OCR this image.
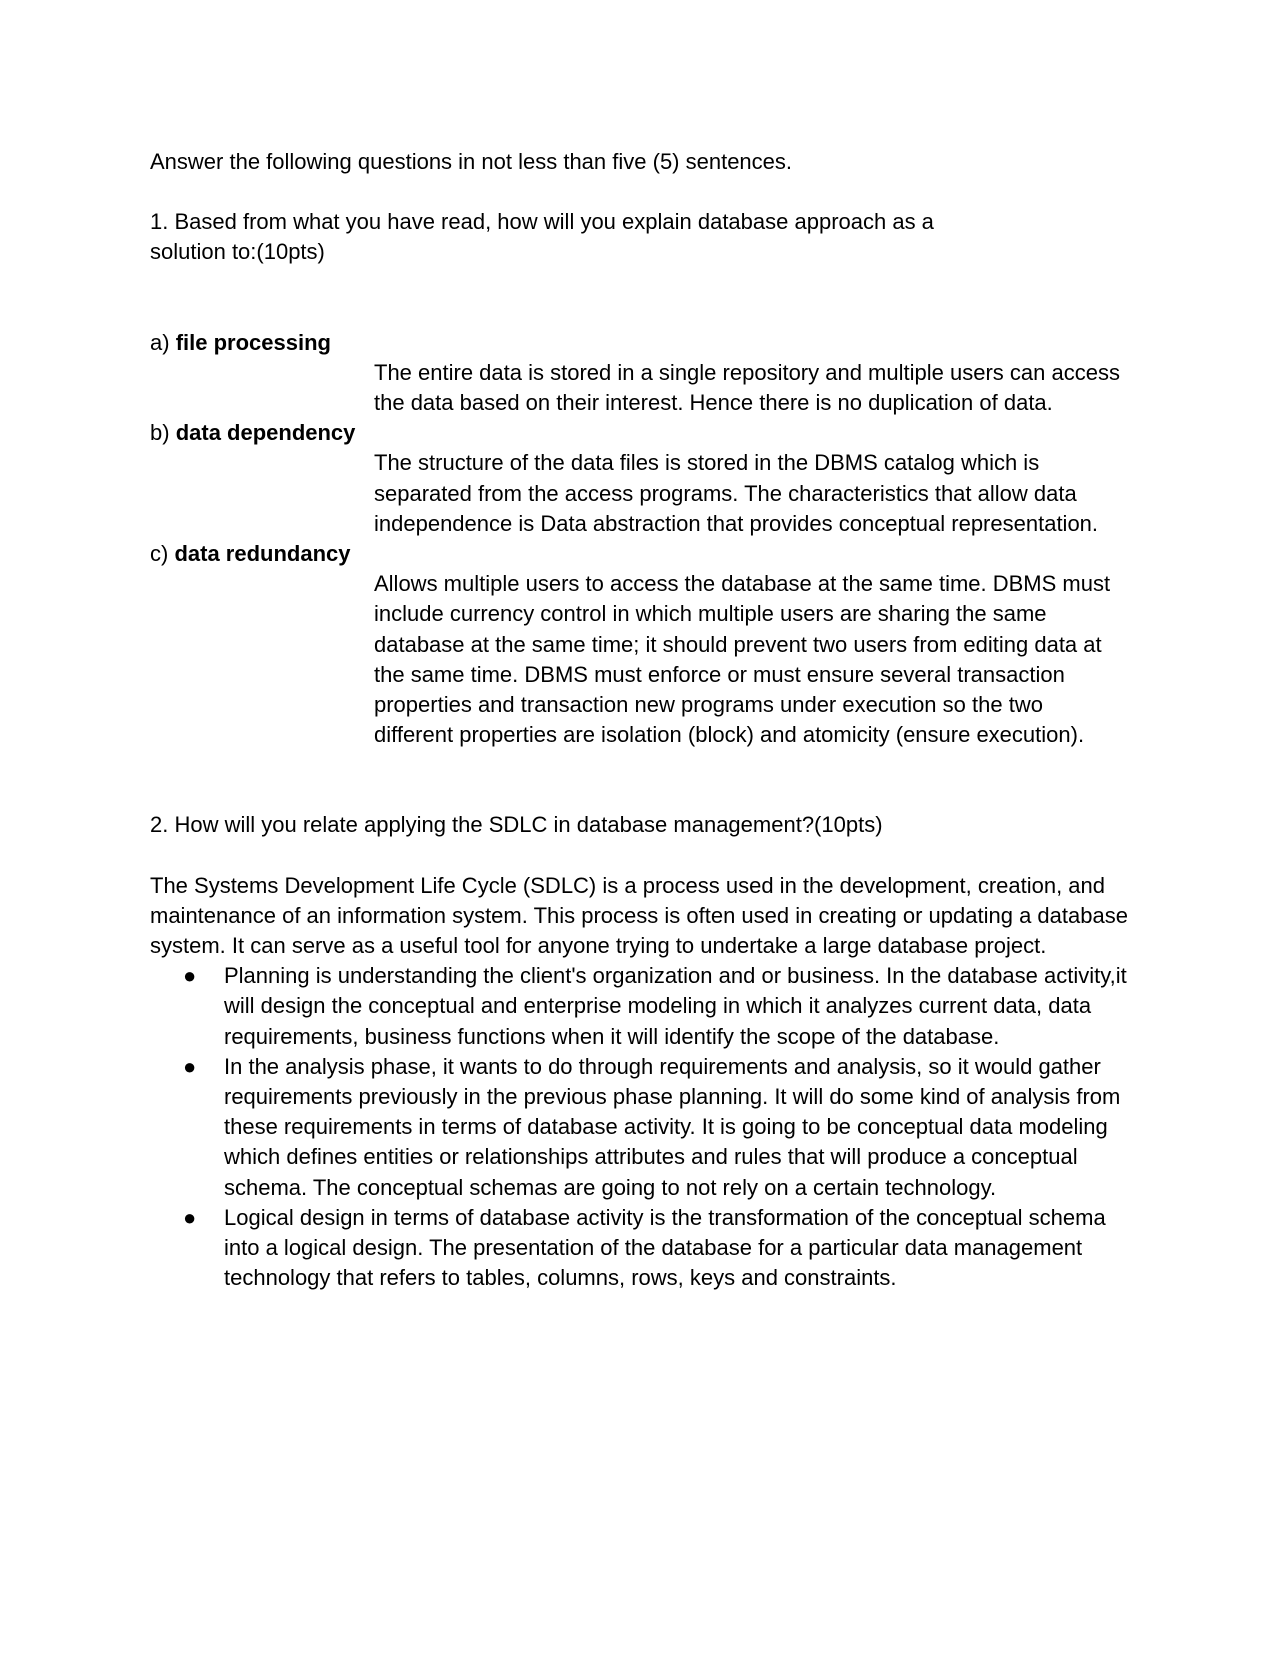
Answer the following questions in not less than five (5) sentences.

1. Based from what you have read, how will you explain database approach as a

solution to:(10pts)

a) file processing

The entire data is stored in a single repository and multiple users can access the data based on their interest. Hence there is no duplication of data.

b) data dependency

The structure of the data files is stored in the DBMS catalog which is separated from the access programs. The characteristics that allow data independence is Data abstraction that provides conceptual representation.

c) data redundancy

Allows multiple users to access the database at the same time. DBMS must include currency control in which multiple users are sharing the same database at the same time; it should prevent two users from editing data at the same time. DBMS must enforce or must ensure several transaction properties and transaction new programs under execution so the two different properties are isolation (block) and atomicity (ensure execution).

2. How will you relate applying the SDLC in database management?(10pts)

The Systems Development Life Cycle (SDLC) is a process used in the development, creation, and maintenance of an information system. This process is often used in creating or updating a database system. It can serve as a useful tool for anyone trying to undertake a large database project.

● Planning is understanding the client's organization and or business. In the database activity,it will design the conceptual and enterprise modeling in which it analyzes current data, data requirements, business functions when it will identify the scope of the database.
● In the analysis phase, it wants to do through requirements and analysis, so it would gather requirements previously in the previous phase planning. It will do some kind of analysis from these requirements in terms of database activity. It is going to be conceptual data modeling which defines entities or relationships attributes and rules that will produce a conceptual schema. The conceptual schemas are going to not rely on a certain technology.
● Logical design in terms of database activity is the transformation of the conceptual schema into a logical design. The presentation of the database for a particular data management technology that refers to tables, columns, rows, keys and constraints.
